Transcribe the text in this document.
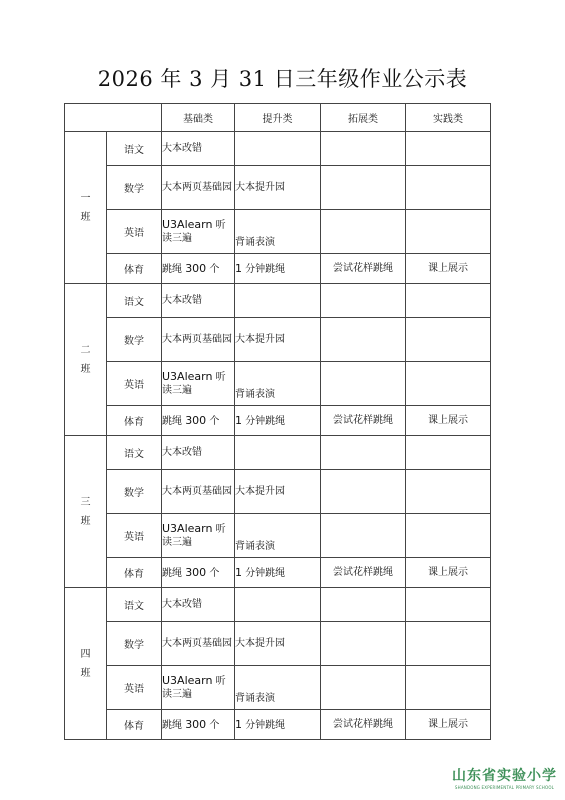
2026 年 3 月 31 日三年级作业公示表
		基础类	提升类	拓展类	实践类
一
班	语文	大本改错			
	数学	大本两页基础园	大本提升园		
	英语	U3Alearn 听读三遍	背诵表演		
	体育	跳绳 300 个	1 分钟跳绳	尝试花样跳绳	课上展示
二
班	语文	大本改错			
	数学	大本两页基础园	大本提升园		
	英语	U3Alearn 听读三遍	背诵表演		
	体育	跳绳 300 个	1 分钟跳绳	尝试花样跳绳	课上展示
三
班	语文	大本改错			
	数学	大本两页基础园	大本提升园		
	英语	U3Alearn 听读三遍	背诵表演		
	体育	跳绳 300 个	1 分钟跳绳	尝试花样跳绳	课上展示
四
班	语文	大本改错			
	数学	大本两页基础园	大本提升园		
	英语	U3Alearn 听读三遍	背诵表演		
	体育	跳绳 300 个	1 分钟跳绳	尝试花样跳绳	课上展示
山东省实验小学
SHANDONG EXPERIMENTAL PRIMARY SCHOOL
